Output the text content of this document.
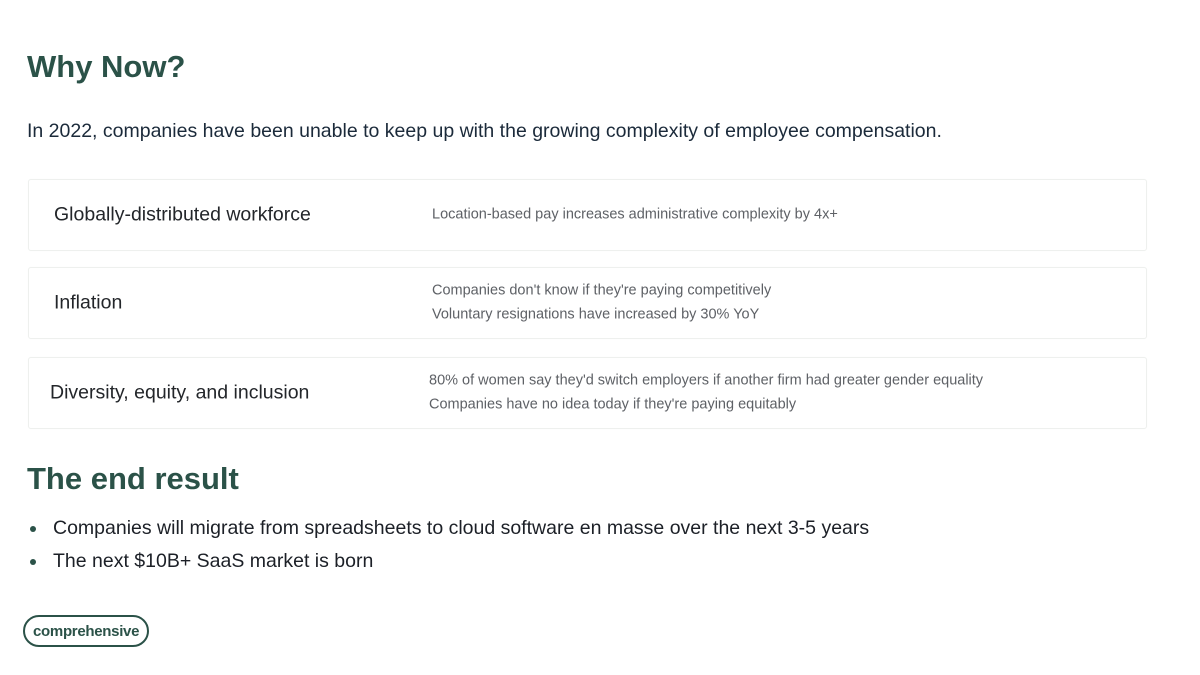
Why Now?

In 2022, companies have been unable to keep up with the growing complexity of employee compensation.

Globally-distributed workforce	Location-based pay increases administrative complexity by 4x+
Inflation
Companies don't know if they're paying competitively
Voluntary resignations have increased by 30% YoY
Diversity, equity, and inclusion
80% of women say they'd switch employers if another firm had greater gender equality
Companies have no idea today if they're paying equitably
The end result
Companies will migrate from spreadsheets to cloud software en masse over the next 3-5 years
The next $10B+ SaaS market is born
comprehensive
